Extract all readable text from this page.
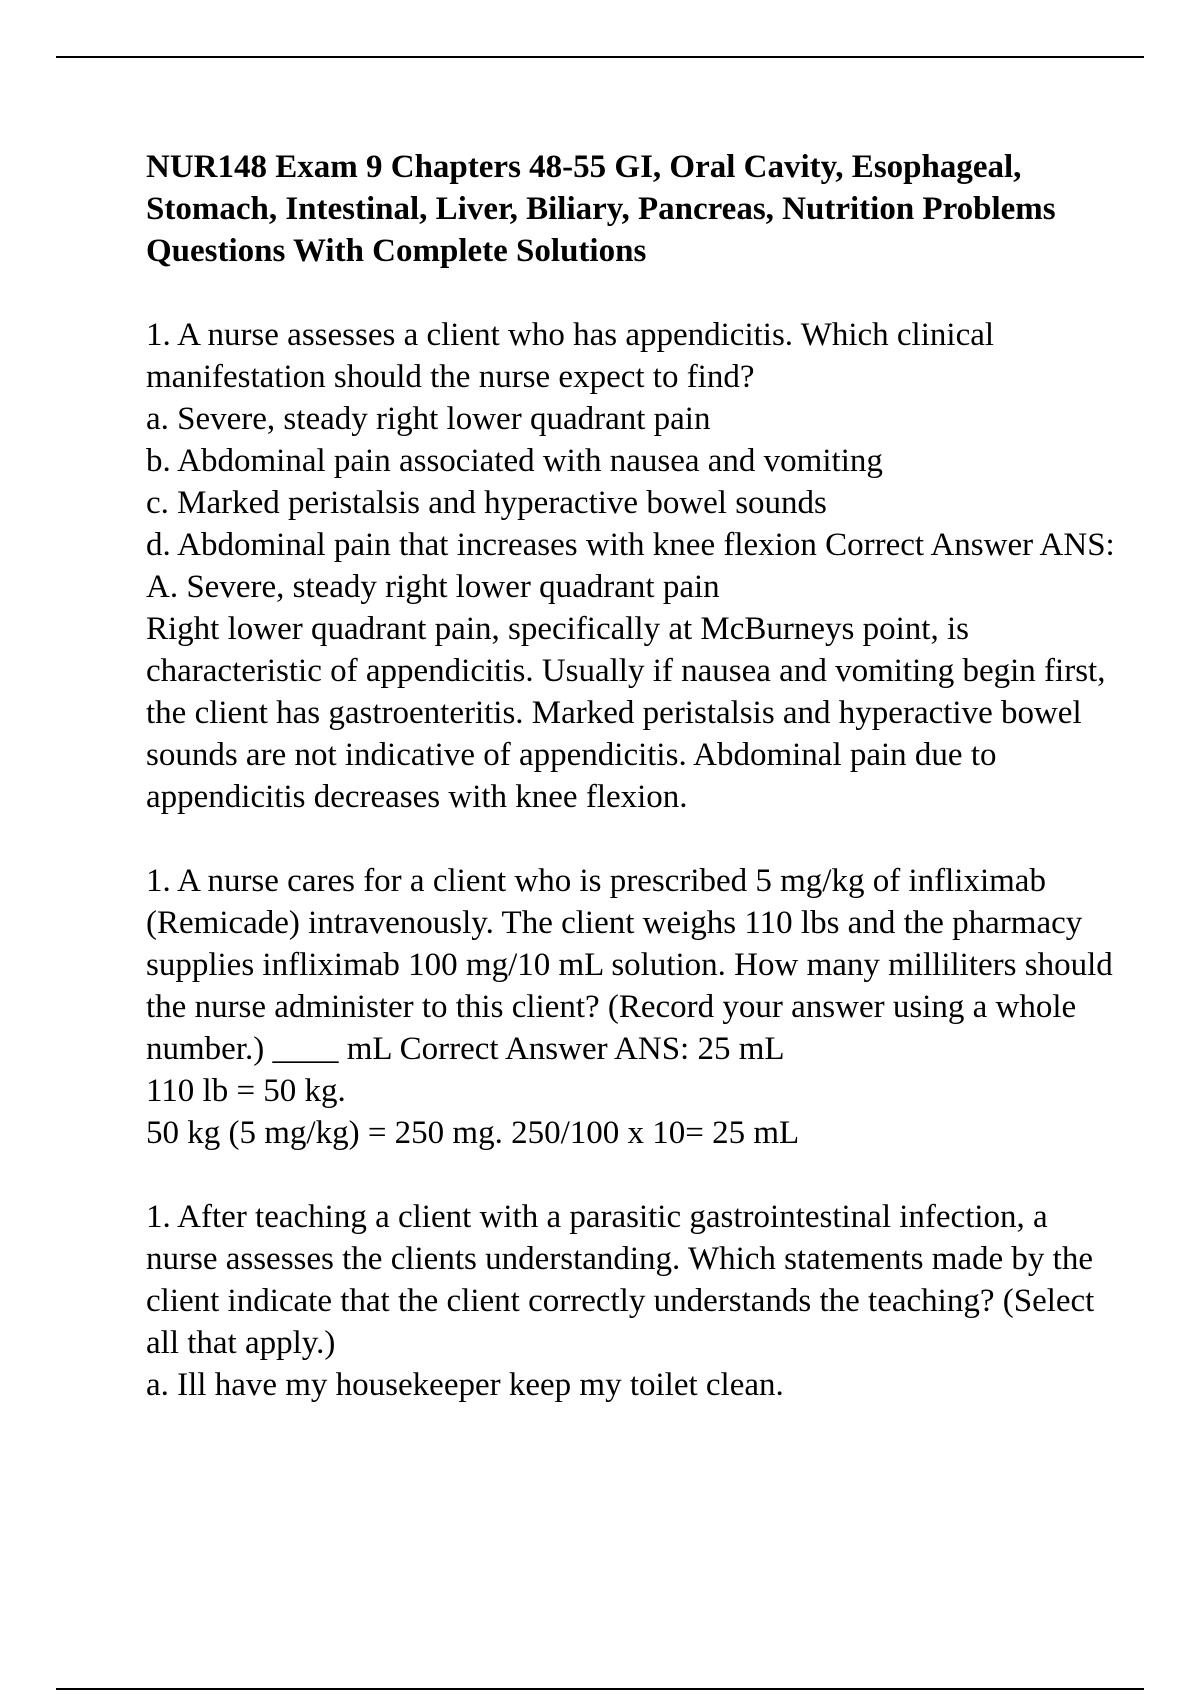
NUR148 Exam 9 Chapters 48-55 GI, Oral Cavity, Esophageal, Stomach, Intestinal, Liver, Biliary, Pancreas, Nutrition Problems Questions With Complete Solutions

1. A nurse assesses a client who has appendicitis. Which clinical manifestation should the nurse expect to find?

a. Severe, steady right lower quadrant pain

b. Abdominal pain associated with nausea and vomiting

c. Marked peristalsis and hyperactive bowel sounds

d. Abdominal pain that increases with knee flexion Correct Answer ANS: A. Severe, steady right lower quadrant pain

Right lower quadrant pain, specifically at McBurneys point, is characteristic of appendicitis. Usually if nausea and vomiting begin first, the client has gastroenteritis. Marked peristalsis and hyperactive bowel sounds are not indicative of appendicitis. Abdominal pain due to appendicitis decreases with knee flexion.

1. A nurse cares for a client who is prescribed 5 mg/kg of infliximab (Remicade) intravenously. The client weighs 110 lbs and the pharmacy supplies infliximab 100 mg/10 mL solution. How many milliliters should the nurse administer to this client? (Record your answer using a whole number.) ____ mL Correct Answer ANS: 25 mL

110 lb = 50 kg.

50 kg (5 mg/kg) = 250 mg. 250/100 x 10= 25 mL

1. After teaching a client with a parasitic gastrointestinal infection, a nurse assesses the clients understanding. Which statements made by the client indicate that the client correctly understands the teaching? (Select all that apply.)

a. Ill have my housekeeper keep my toilet clean.
